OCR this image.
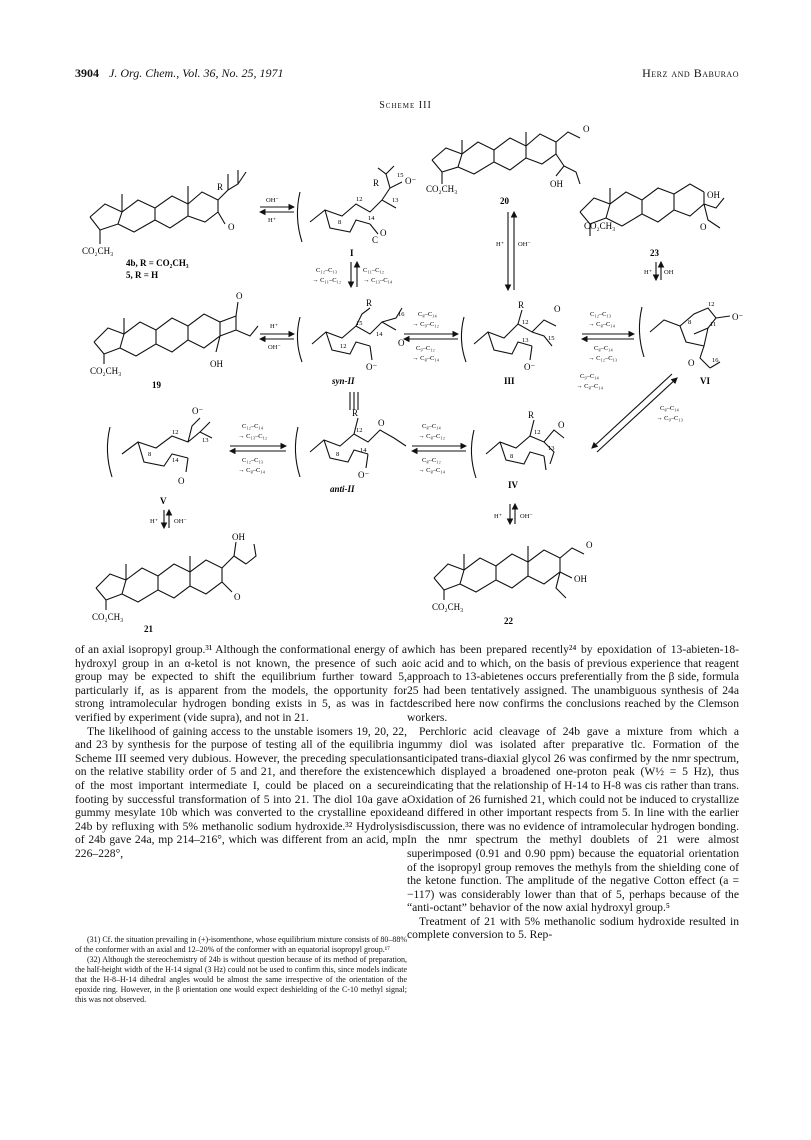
3904 J. Org. Chem., Vol. 36, No. 25, 1971	Herz and Baburao
Scheme III
R
O
CO₂CH₃
4b, R = CO₂CH₃
5, R = H
OH⁻
H⁺
R	O⁻
C
O
15
13
12
14
8
I
C₁₂–C₁₃
→ C₁₁–C₁₂
C₁₁–C₁₂
→ C₁₃–C₁₄
O
CO₂CH₃	OH
20
H⁺ OH⁻
OH
O
CO₂CH₃
23
H⁺ OH
O
OH
CO₂CH₃
19
H⁺
OH⁻
R
O
O⁻
15
16
14
12
syn-II
C₈–C₁₄
→ C₉–C₁₂
C₉–C₁₂
→ C₈–C₁₄
R	O
O⁻
12
13	15
III
C₁₂–C₁₃
→ C₈–C₁₄
C₈–C₁₄
→ C₁₂–C₁₃
O⁻
O
12
11
16
8
VI
C₉–C₁₄
→ C₈–C₁₄
C₈–C₁₄
→ C₉–C₁₃
O⁻
O
12
13
14
8
V
C₁₂–C₁₄
→ C₁₃–C₁₂
C₁₂–C₁₃
→ C₈–C₁₄
R
O
O⁻
12
14
8
anti-II
C₈–C₁₄
→ C₈–C₁₂
C₈–C₁₂
→ C₈–C₁₄
R
O
8
12
13
IV
H⁺ OH⁻
H⁺	OH⁻
OH
O
CO₂CH₃
21
O
OH
CO₂CH₃
22

of an axial isopropyl group.³¹ Although the conformational energy of a hydroxyl group in an α-ketol is not known, the presence of such a group may be expected to shift the equilibrium further toward 5, particularly if, as is apparent from the models, the opportunity for strong intramolecular hydrogen bonding exists in 5, as was in fact verified by experiment (vide supra), and not in 21.

The likelihood of gaining access to the unstable isomers 19, 20, 22, and 23 by synthesis for the purpose of testing all of the equilibria in Scheme III seemed very dubious. However, the preceding speculations on the relative stability order of 5 and 21, and therefore the existence of the most important intermediate I, could be placed on a secure footing by successful transformation of 5 into 21. The diol 10a gave a gummy mesylate 10b which was converted to the crystalline epoxide 24b by refluxing with 5% methanolic sodium hydroxide.³² Hydrolysis of 24b gave 24a, mp 214–216°, which was different from an acid, mp 226–228°,

(31) Cf. the situation prevailing in (+)-isomenthone, whose equilibrium mixture consists of 80–88% of the conformer with an axial and 12–20% of the conformer with an equatorial isopropyl group.¹⁷

(32) Although the stereochemistry of 24b is without question because of its method of preparation, the half-height width of the H-14 signal (3 Hz) could not be used to confirm this, since models indicate that the H-8–H-14 dihedral angles would be almost the same irrespective of the orientation of the epoxide ring. However, in the β orientation one would expect deshielding of the C-10 methyl signal; this was not observed.

which has been prepared recently²⁴ by epoxidation of 13-abieten-18-oic acid and to which, on the basis of previous experience that reagent approach to 13-abietenes occurs preferentially from the β side, formula 25 had been tentatively assigned. The unambiguous synthesis of 24a described here now confirms the conclusions reached by the Clemson workers.

Perchloric acid cleavage of 24b gave a mixture from which a gummy diol was isolated after preparative tlc. Formation of the anticipated trans-diaxial glycol 26 was confirmed by the nmr spectrum, which displayed a broadened one-proton peak (W½ = 5 Hz), thus indicating that the relationship of H-14 to H-8 was cis rather than trans. Oxidation of 26 furnished 21, which could not be induced to crystallize and differed in other important respects from 5. In line with the earlier discussion, there was no evidence of intramolecular hydrogen bonding. In the nmr spectrum the methyl doublets of 21 were almost superimposed (0.91 and 0.90 ppm) because the equatorial orientation of the isopropyl group removes the methyls from the shielding cone of the ketone function. The amplitude of the negative Cotton effect (a = −117) was considerably lower than that of 5, perhaps because of the “anti-octant” behavior of the now axial hydroxyl group.⁵

Treatment of 21 with 5% methanolic sodium hydroxide resulted in complete conversion to 5. Rep-
